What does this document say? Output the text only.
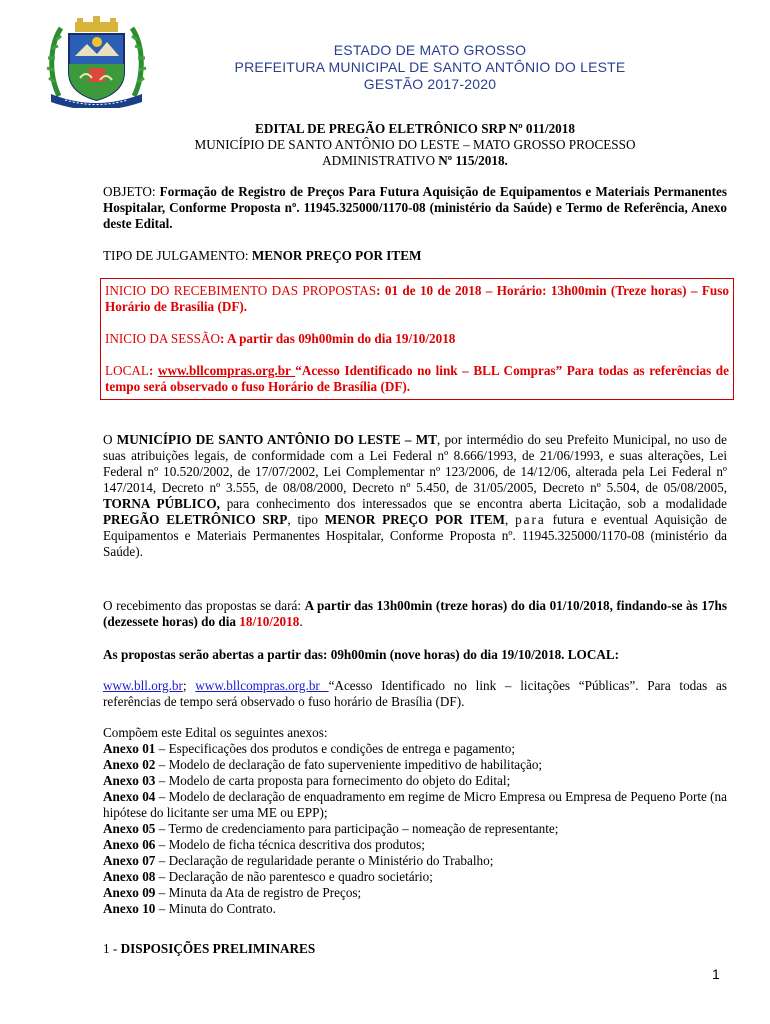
ESTADO DE MATO GROSSO
PREFEITURA MUNICIPAL DE SANTO ANTÔNIO DO LESTE
GESTÃO 2017-2020
EDITAL DE PREGÃO ELETRÔNICO SRP Nº 011/2018
MUNICÍPIO DE SANTO ANTÔNIO DO LESTE – MATO GROSSO PROCESSO
ADMINISTRATIVO Nº 115/2018.
OBJETO: Formação de Registro de Preços Para Futura Aquisição de Equipamentos e Materiais Permanentes Hospitalar, Conforme Proposta nº. 11945.325000/1170-08 (ministério da Saúde) e Termo de Referência, Anexo deste Edital.
TIPO DE JULGAMENTO: MENOR PREÇO POR ITEM

INICIO DO RECEBIMENTO DAS PROPOSTAS: 01 de 10 de 2018 – Horário: 13h00min (Treze horas) – Fuso Horário de Brasília (DF).

INICIO DA SESSÃO: A partir das 09h00min do dia 19/10/2018

LOCAL: www.bllcompras.org.br “Acesso Identificado no link – BLL Compras” Para todas as referências de tempo será observado o fuso Horário de Brasília (DF).

O MUNICÍPIO DE SANTO ANTÔNIO DO LESTE – MT, por intermédio do seu Prefeito Municipal, no uso de suas atribuições legais, de conformidade com a Lei Federal nº 8.666/1993, de 21/06/1993, e suas alterações, Lei Federal nº 10.520/2002, de 17/07/2002, Lei Complementar nº 123/2006, de 14/12/06, alterada pela Lei Federal nº 147/2014, Decreto nº 3.555, de 08/08/2000, Decreto nº 5.450, de 31/05/2005, Decreto nº 5.504, de 05/08/2005, TORNA PÚBLICO, para conhecimento dos interessados que se encontra aberta Licitação, sob a modalidade PREGÃO ELETRÔNICO SRP, tipo MENOR PREÇO POR ITEM, para futura e eventual Aquisição de Equipamentos e Materiais Permanentes Hospitalar, Conforme Proposta nº. 11945.325000/1170-08 (ministério da Saúde).
O recebimento das propostas se dará: A partir das 13h00min (treze horas) do dia 01/10/2018, findando-se às 17hs (dezessete horas) do dia 18/10/2018.
As propostas serão abertas a partir das: 09h00min (nove horas) do dia 19/10/2018. LOCAL:
www.bll.org.br; www.bllcompras.org.br “Acesso Identificado no link – licitações “Públicas”. Para todas as referências de tempo será observado o fuso horário de Brasília (DF).
Compõem este Edital os seguintes anexos:
Anexo 01 – Especificações dos produtos e condições de entrega e pagamento;
Anexo 02 – Modelo de declaração de fato superveniente impeditivo de habilitação;
Anexo 03 – Modelo de carta proposta para fornecimento do objeto do Edital;
Anexo 04 – Modelo de declaração de enquadramento em regime de Micro Empresa ou Empresa de Pequeno Porte (na hipótese do licitante ser uma ME ou EPP);
Anexo 05 – Termo de credenciamento para participação – nomeação de representante;
Anexo 06 – Modelo de ficha técnica descritiva dos produtos;
Anexo 07 – Declaração de regularidade perante o Ministério do Trabalho;
Anexo 08 – Declaração de não parentesco e quadro societário;
Anexo 09 – Minuta da Ata de registro de Preços;
Anexo 10 – Minuta do Contrato.
1 - DISPOSIÇÕES PRELIMINARES
1
